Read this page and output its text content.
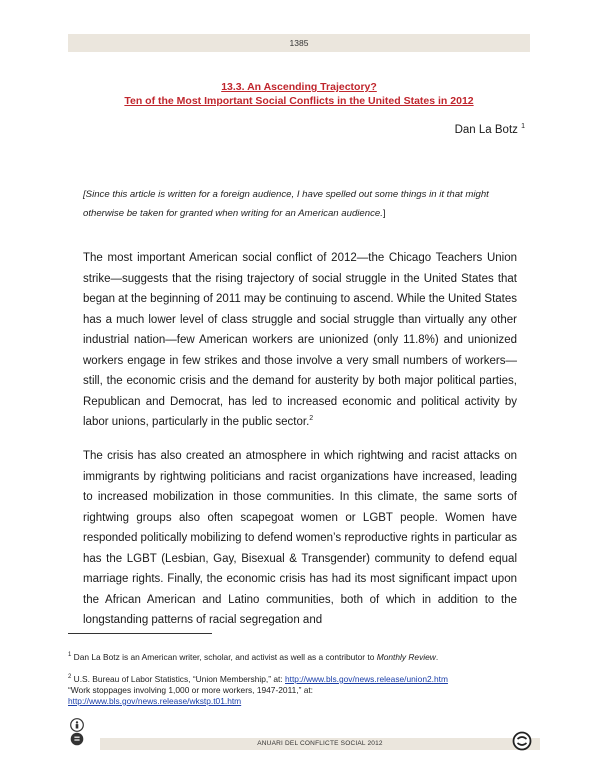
1385
13.3. An Ascending Trajectory?
Ten of the Most Important Social Conflicts in the United States in 2012
Dan La Botz $^1$
[Since this article is written for a foreign audience, I have spelled out some things in it that might otherwise be taken for granted when writing for an American audience.]

The most important American social conflict of 2012—the Chicago Teachers Union strike—suggests that the rising trajectory of social struggle in the United States that began at the beginning of 2011 may be continuing to ascend. While the United States has a much lower level of class struggle and social struggle than virtually any other industrial nation—few American workers are unionized (only 11.8%) and unionized workers engage in few strikes and those involve a very small numbers of workers—still, the economic crisis and the demand for austerity by both major political parties, Republican and Democrat, has led to increased economic and political activity by labor unions, particularly in the public sector.$^2$

The crisis has also created an atmosphere in which rightwing and racist attacks on immigrants by rightwing politicians and racist organizations have increased, leading to increased mobilization in those communities. In this climate, the same sorts of rightwing groups also often scapegoat women or LGBT people. Women have responded politically mobilizing to defend women’s reproductive rights in particular as has the LGBT (Lesbian, Gay, Bisexual & Transgender) community to defend equal marriage rights. Finally, the economic crisis has had its most significant impact upon the African American and Latino communities, both of which in addition to the longstanding patterns of racial segregation and

$^1$ Dan La Botz is an American writer, scholar, and activist as well as a contributor to Monthly Review.
$^2$ U.S. Bureau of Labor Statistics, “Union Membership,” at: http://www.bls.gov/news.release/union2.htm
“Work stoppages involving 1,000 or more workers, 1947-2011,” at:
http://www.bls.gov/news.release/wkstp.t01.htm
ANUARI DEL CONFLICTE SOCIAL 2012
